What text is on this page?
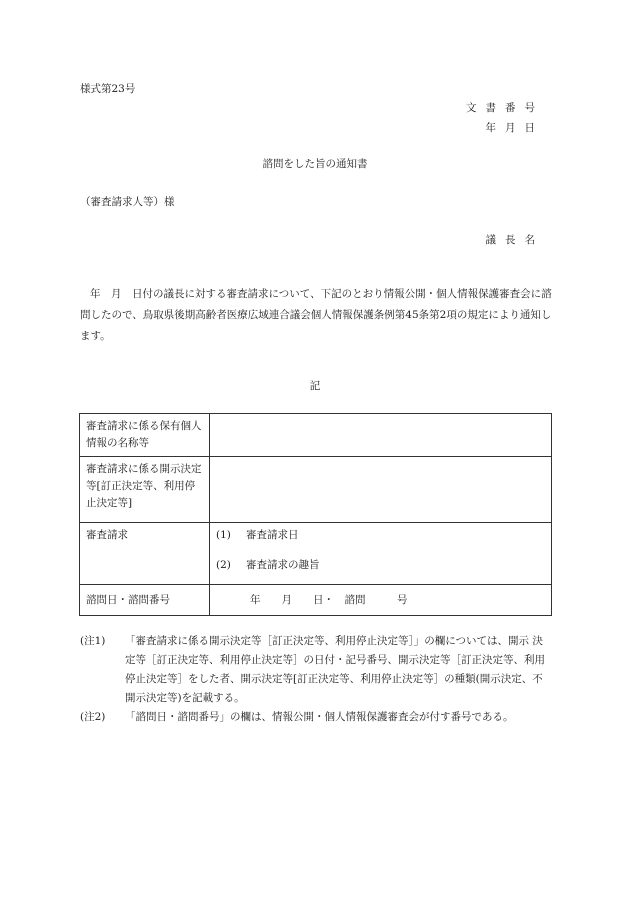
様式第23号
文書番号
年月日
諮問をした旨の通知書
（審査請求人等）様
議長名
年　月　日付の議長に対する審査請求について、下記のとおり情報公開・個人情報保護審査会に諮問したので、鳥取県後期高齢者医療広域連合議会個人情報保護条例第45条第2項の規定により通知します。
記
審査請求に係る保有個人情報の名称等	
審査請求に係る開示決定等[訂正決定等、利用停止決定等]	
審査請求	(1) 審査請求日
(2) 審査請求の趣旨

諮問日・諮問番号	年　　月　　日・　諮問　　　号
(注1)	「審査請求に係る開示決定等［訂正決定等、利用停止決定等］」の欄については、開示 決定等［訂正決定等、利用停止決定等］の日付・記号番号、開示決定等［訂正決定等、利用停止決定等］をした者、開示決定等[訂正決定等、利用停止決定等］の種類(開示決定、不開示決定等)を記載する。
(注2)	「諮問日・諮問番号」の欄は、情報公開・個人情報保護審査会が付す番号である。
